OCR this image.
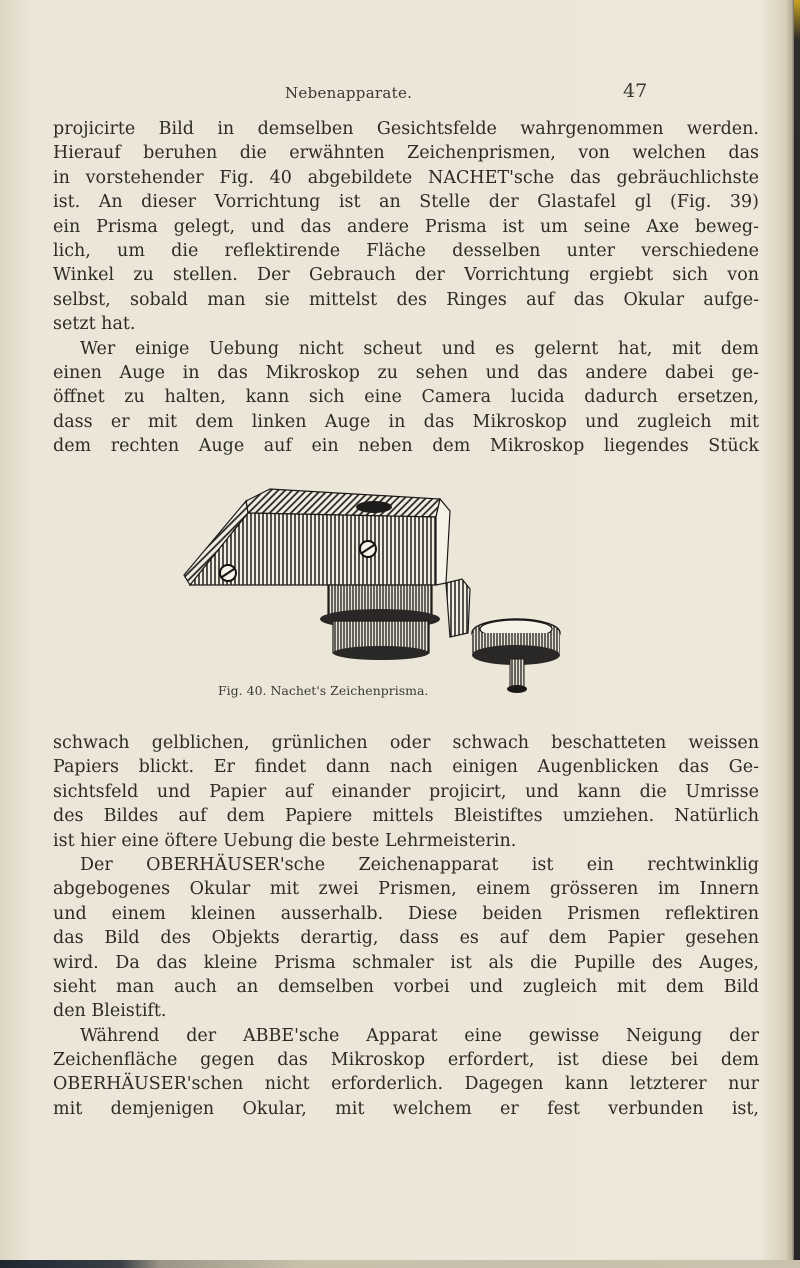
Nebenapparate.	47
projicirte Bild in demselben Gesichtsfelde wahrgenommen werden.
Hierauf beruhen die erwähnten Zeichenprismen, von welchen das
in vorstehender Fig. 40 abgebildete NACHET'sche das gebräuchlichste
ist. An dieser Vorrichtung ist an Stelle der Glastafel gl (Fig. 39)
ein Prisma gelegt, und das andere Prisma ist um seine Axe beweg-
lich, um die reflektirende Fläche desselben unter verschiedene
Winkel zu stellen. Der Gebrauch der Vorrichtung ergiebt sich von
selbst, sobald man sie mittelst des Ringes auf das Okular aufge-
setzt hat.
Wer einige Uebung nicht scheut und es gelernt hat, mit dem
einen Auge in das Mikroskop zu sehen und das andere dabei ge-
öffnet zu halten, kann sich eine Camera lucida dadurch ersetzen,
dass er mit dem linken Auge in das Mikroskop und zugleich mit
dem rechten Auge auf ein neben dem Mikroskop liegendes Stück
Fig. 40. Nachet's Zeichenprisma.
schwach gelblichen, grünlichen oder schwach beschatteten weissen
Papiers blickt. Er findet dann nach einigen Augenblicken das Ge-
sichtsfeld und Papier auf einander projicirt, und kann die Umrisse
des Bildes auf dem Papiere mittels Bleistiftes umziehen. Natürlich
ist hier eine öftere Uebung die beste Lehrmeisterin.
Der OBERHÄUSER'sche Zeichenapparat ist ein rechtwinklig
abgebogenes Okular mit zwei Prismen, einem grösseren im Innern
und einem kleinen ausserhalb. Diese beiden Prismen reflektiren
das Bild des Objekts derartig, dass es auf dem Papier gesehen
wird. Da das kleine Prisma schmaler ist als die Pupille des Auges,
sieht man auch an demselben vorbei und zugleich mit dem Bild
den Bleistift.
Während der ABBE'sche Apparat eine gewisse Neigung der
Zeichenfläche gegen das Mikroskop erfordert, ist diese bei dem
OBERHÄUSER'schen nicht erforderlich. Dagegen kann letzterer nur
mit demjenigen Okular, mit welchem er fest verbunden ist,
